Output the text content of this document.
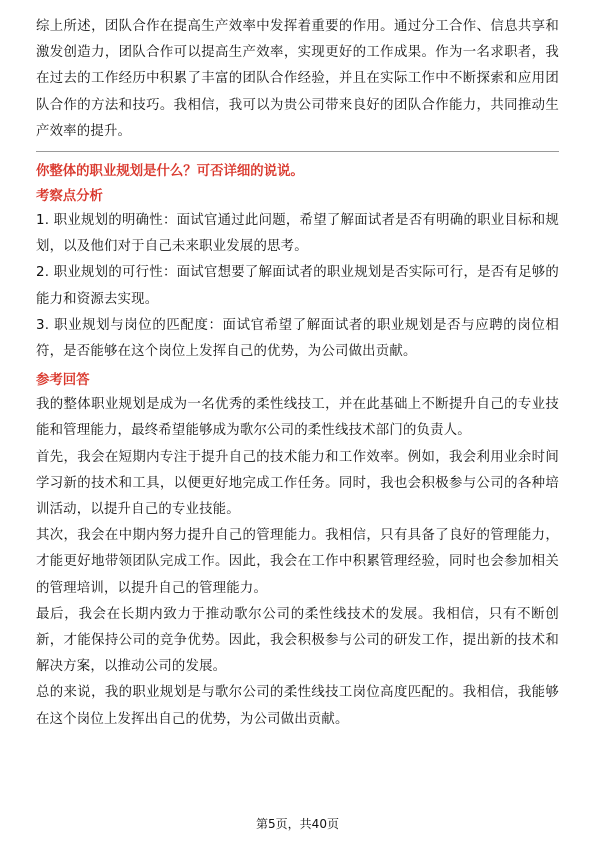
综上所述，团队合作在提高生产效率中发挥着重要的作用。通过分工合作、信息共享和激发创造力，团队合作可以提高生产效率，实现更好的工作成果。作为一名求职者，我在过去的工作经历中积累了丰富的团队合作经验，并且在实际工作中不断探索和应用团队合作的方法和技巧。我相信，我可以为贵公司带来良好的团队合作能力，共同推动生产效率的提升。

你整体的职业规划是什么？可否详细的说说。
考察点分析

1. 职业规划的明确性：面试官通过此问题，希望了解面试者是否有明确的职业目标和规划，以及他们对于自己未来职业发展的思考。

2. 职业规划的可行性：面试官想要了解面试者的职业规划是否实际可行，是否有足够的能力和资源去实现。

3. 职业规划与岗位的匹配度：面试官希望了解面试者的职业规划是否与应聘的岗位相符，是否能够在这个岗位上发挥自己的优势，为公司做出贡献。

参考回答

我的整体职业规划是成为一名优秀的柔性线技工，并在此基础上不断提升自己的专业技能和管理能力，最终希望能够成为歌尔公司的柔性线技术部门的负责人。

首先，我会在短期内专注于提升自己的技术能力和工作效率。例如，我会利用业余时间学习新的技术和工具，以便更好地完成工作任务。同时，我也会积极参与公司的各种培训活动，以提升自己的专业技能。

其次，我会在中期内努力提升自己的管理能力。我相信，只有具备了良好的管理能力，才能更好地带领团队完成工作。因此，我会在工作中积累管理经验，同时也会参加相关的管理培训，以提升自己的管理能力。

最后，我会在长期内致力于推动歌尔公司的柔性线技术的发展。我相信，只有不断创新，才能保持公司的竞争优势。因此，我会积极参与公司的研发工作，提出新的技术和解决方案，以推动公司的发展。

总的来说，我的职业规划是与歌尔公司的柔性线技工岗位高度匹配的。我相信，我能够在这个岗位上发挥出自己的优势，为公司做出贡献。

第5页，共40页
